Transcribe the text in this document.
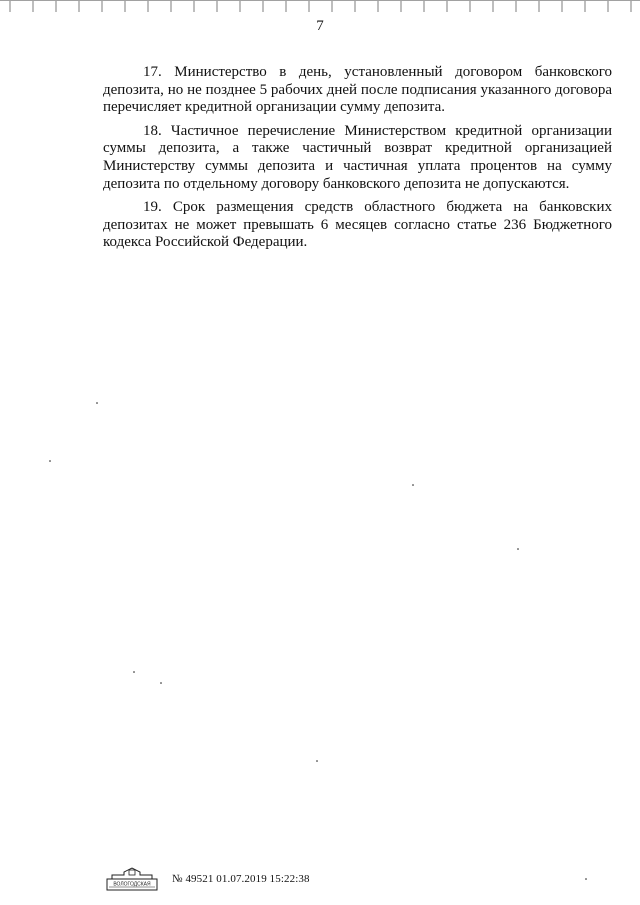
7

17. Министерство в день, установленный договором банковского депозита, но не позднее 5 рабочих дней после подписания указанного договора перечисляет кредитной организации сумму депозита.

18. Частичное перечисление Министерством кредитной организации суммы депозита, а также частичный возврат кредитной организацией Министерству суммы депозита и частичная уплата процентов на сумму депозита по отдельному договору банковского депозита не допускаются.

19. Срок размещения средств областного бюджета на банковских депозитах не может превышать 6 месяцев согласно статье 236 Бюджетного кодекса Российской Федерации.

ВОЛОГОДСКАЯ № 49521 01.07.2019 15:22:38
